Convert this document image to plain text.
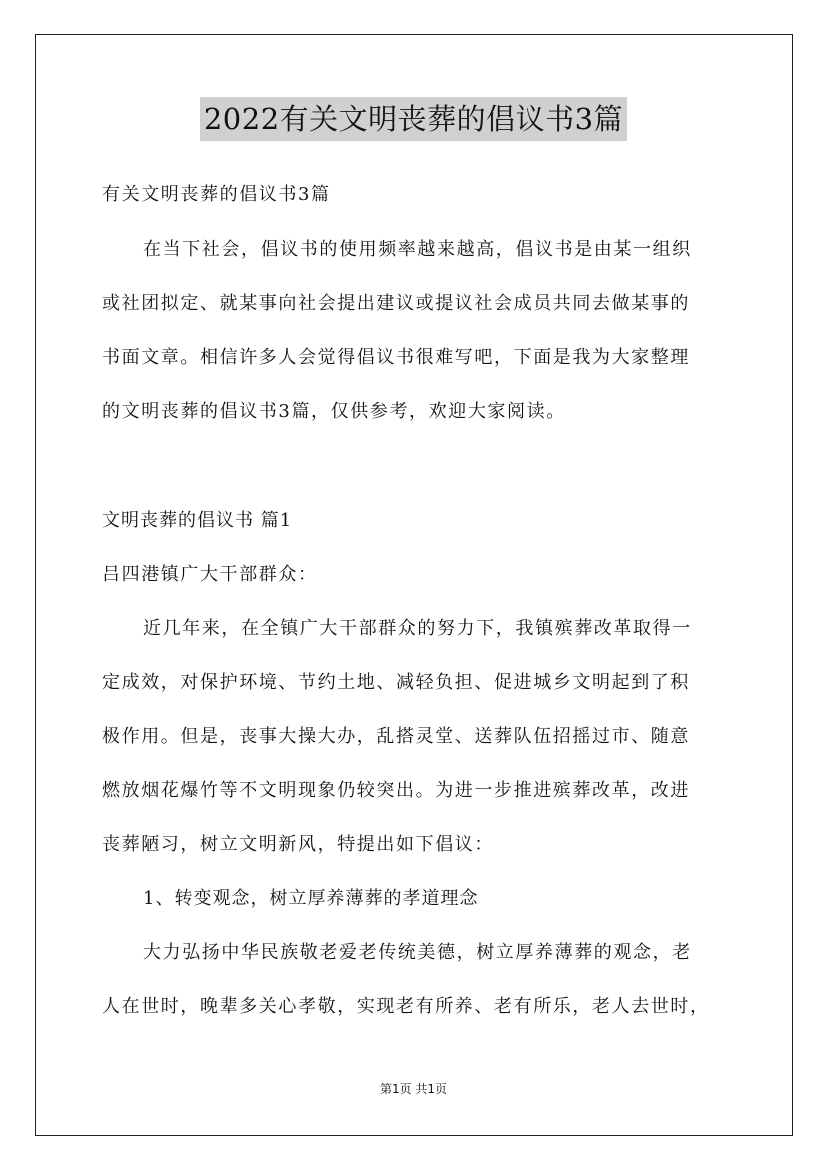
2022有关文明丧葬的倡议书3篇
有关文明丧葬的倡议书3篇
在当下社会，倡议书的使用频率越来越高，倡议书是由某一组织
或社团拟定、就某事向社会提出建议或提议社会成员共同去做某事的
书面文章。相信许多人会觉得倡议书很难写吧，下面是我为大家整理
的文明丧葬的倡议书3篇，仅供参考，欢迎大家阅读。
文明丧葬的倡议书 篇1
吕四港镇广大干部群众：
近几年来，在全镇广大干部群众的努力下，我镇殡葬改革取得一
定成效，对保护环境、节约土地、减轻负担、促进城乡文明起到了积
极作用。但是，丧事大操大办，乱搭灵堂、送葬队伍招摇过市、随意
燃放烟花爆竹等不文明现象仍较突出。为进一步推进殡葬改革，改进
丧葬陋习，树立文明新风，特提出如下倡议：
1、转变观念，树立厚养薄葬的孝道理念
大力弘扬中华民族敬老爱老传统美德，树立厚养薄葬的观念，老
人在世时，晚辈多关心孝敬，实现老有所养、老有所乐，老人去世时，
第1页 共1页
